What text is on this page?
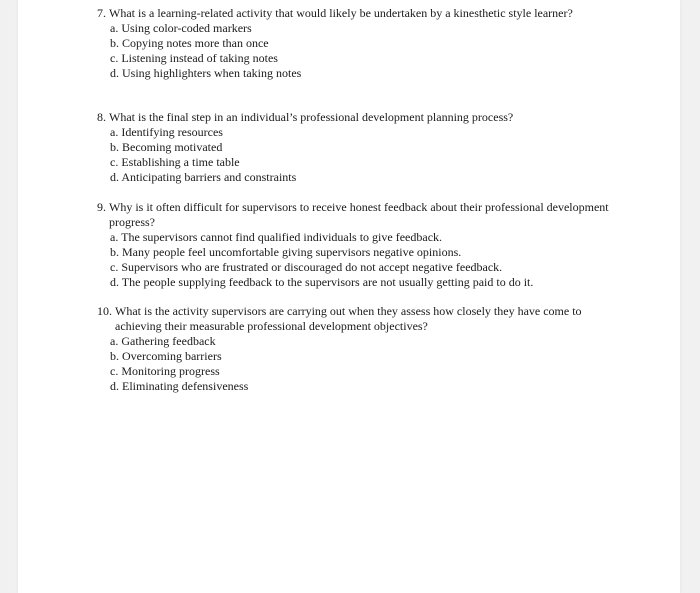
7. What is a learning-related activity that would likely be undertaken by a kinesthetic style learner?
a. Using color-coded markers
b. Copying notes more than once
c. Listening instead of taking notes
d. Using highlighters when taking notes
8. What is the final step in an individual’s professional development planning process?
a. Identifying resources
b. Becoming motivated
c. Establishing a time table
d. Anticipating barriers and constraints
9. Why is it often difficult for supervisors to receive honest feedback about their professional development progress?
a. The supervisors cannot find qualified individuals to give feedback.
b. Many people feel uncomfortable giving supervisors negative opinions.
c. Supervisors who are frustrated or discouraged do not accept negative feedback.
d. The people supplying feedback to the supervisors are not usually getting paid to do it.
10. What is the activity supervisors are carrying out when they assess how closely they have come to achieving their measurable professional development objectives?
a. Gathering feedback
b. Overcoming barriers
c. Monitoring progress
d. Eliminating defensiveness
